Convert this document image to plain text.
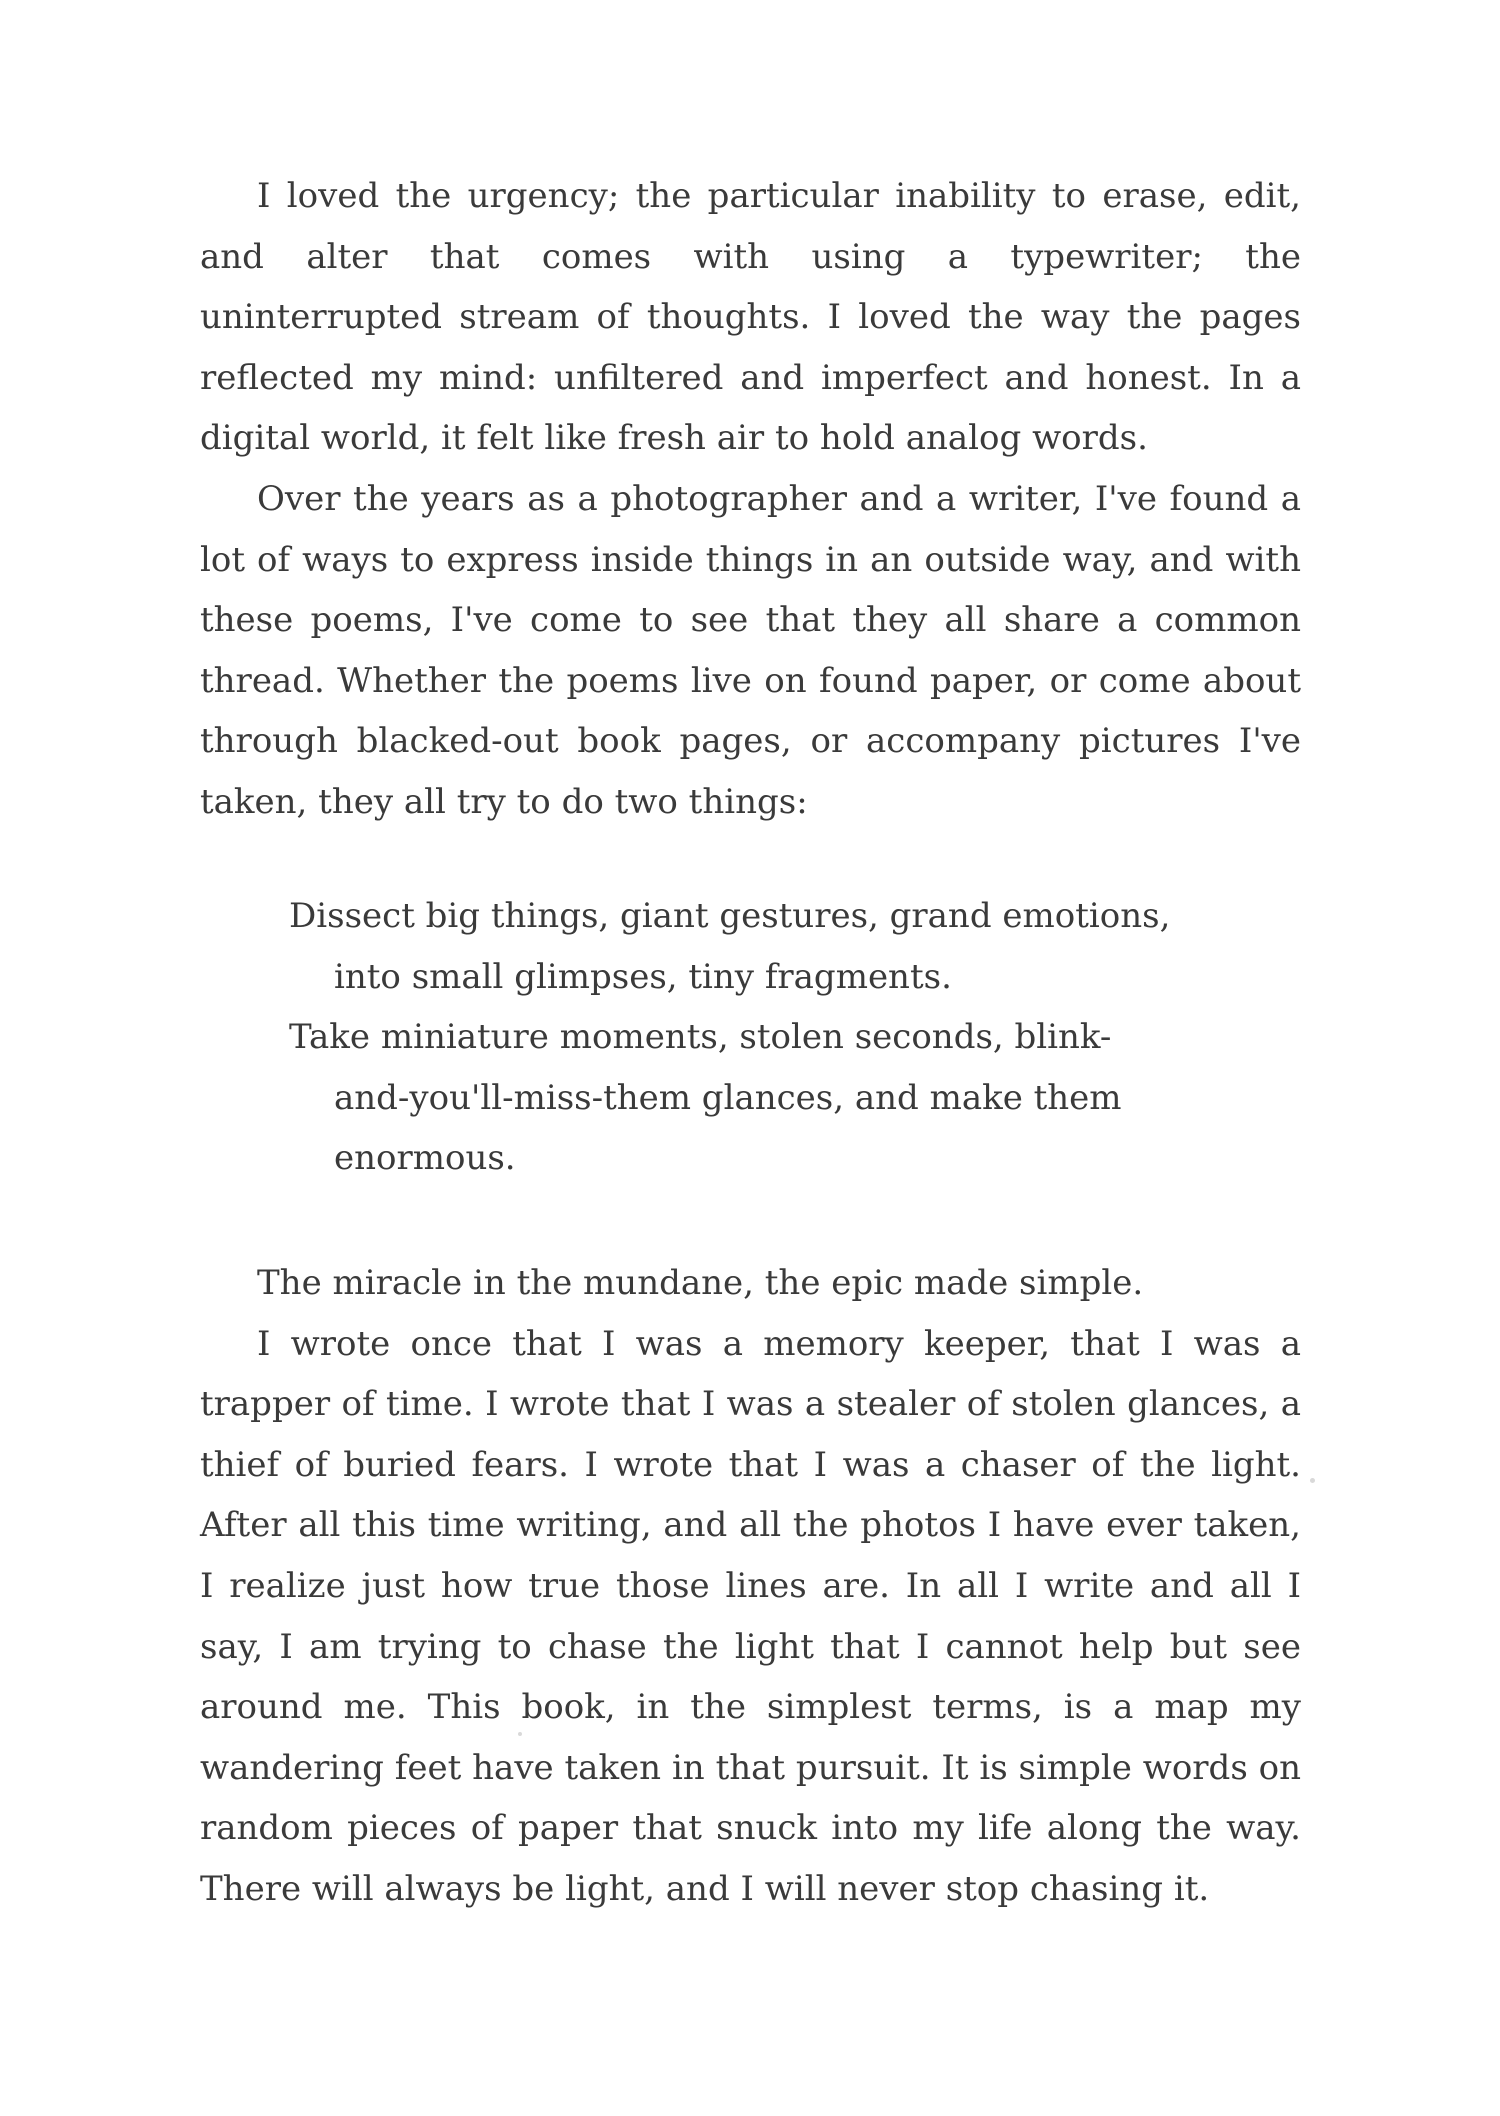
I loved the urgency; the particular inability to erase, edit, and alter that comes with using a typewriter; the uninterrupted stream of thoughts. I loved the way the pages reflected my mind: unfiltered and imperfect and honest. In a digital world, it felt like fresh air to hold analog words.

Over the years as a photographer and a writer, I've found a lot of ways to express inside things in an outside way, and with these poems, I've come to see that they all share a common thread. Whether the poems live on found paper, or come about through blacked-out book pages, or accompany pictures I've taken, they all try to do two things:

Dissect big things, giant gestures, grand emotions,
into small glimpses, tiny fragments.
Take miniature moments, stolen seconds, blink-
and-you'll-miss-them glances, and make them
enormous.

The miracle in the mundane, the epic made simple.

I wrote once that I was a memory keeper, that I was a trapper of time. I wrote that I was a stealer of stolen glances, a thief of buried fears. I wrote that I was a chaser of the light. After all this time writing, and all the photos I have ever taken, I realize just how true those lines are. In all I write and all I say, I am trying to chase the light that I cannot help but see around me. This book, in the simplest terms, is a map my wandering feet have taken in that pursuit. It is simple words on random pieces of paper that snuck into my life along the way. There will always be light, and I will never stop chasing it.
